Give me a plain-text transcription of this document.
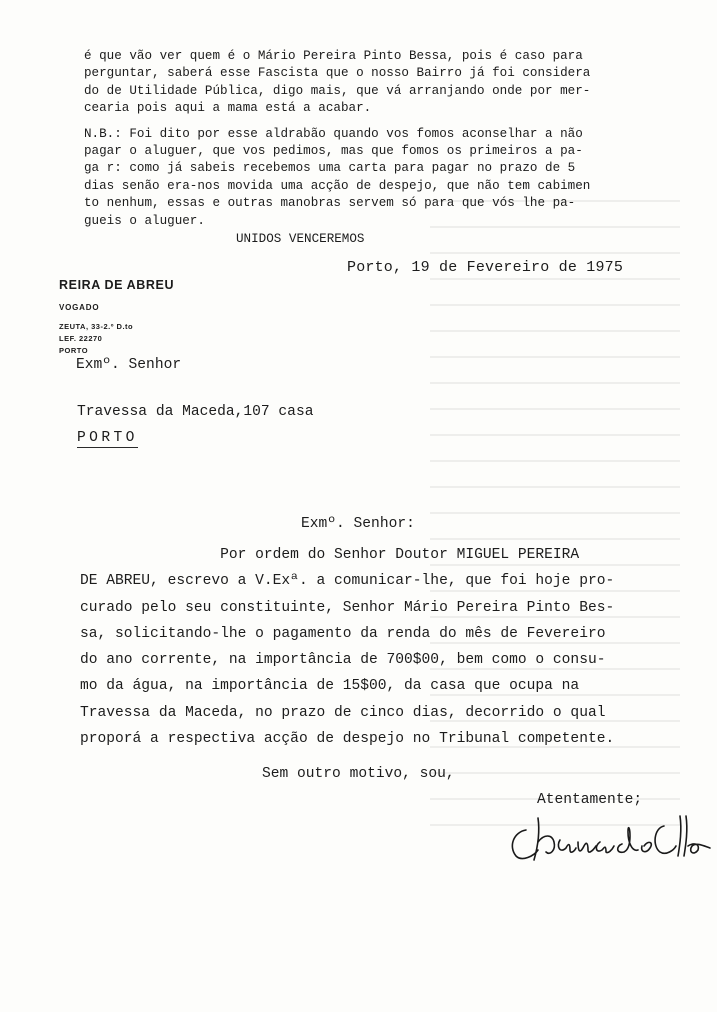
é que vão ver quem é o Mário Pereira Pinto Bessa, pois é caso para
perguntar, saberá esse Fascista que o nosso Bairro já foi considera
do de Utilidade Pública, digo mais, que vá arranjando onde por mer-
cearia pois aqui a mama está a acabar.
N.B.: Foi dito por esse aldrabão quando vos fomos aconselhar a não
pagar o aluguer, que vos pedimos, mas que fomos os primeiros a pa-
ga r: como já sabeis recebemos uma carta para pagar no prazo de 5
dias senão era-nos movida uma acção de despejo, que não tem cabimen
to nenhum, essas e outras manobras servem só para que vós lhe pa-
gueis o aluguer.
UNIDOS VENCEREMOS
Porto, 19 de Fevereiro de 1975
REIRA DE ABREU
VOGADO
ZEUTA, 33-2.º D.to
LEF. 22270
PORTO
Exmº. Senhor
Travessa da Maceda,107 casa
PORTO
Exmº. Senhor:
Por ordem do Senhor Doutor MIGUEL PEREIRA
DE ABREU, escrevo a V.Exª. a comunicar-lhe, que foi hoje pro-
curado pelo seu constituinte, Senhor Mário Pereira Pinto Bes-
sa, solicitando-lhe o pagamento da renda do mês de Fevereiro
do ano corrente, na importância de 700$00, bem como o consu-
mo da água, na importância de 15$00, da casa que ocupa na
Travessa da Maceda, no prazo de cinco dias, decorrido o qual
proporá a respectiva acção de despejo no Tribunal competente.
Sem outro motivo, sou,
Atentamente;
